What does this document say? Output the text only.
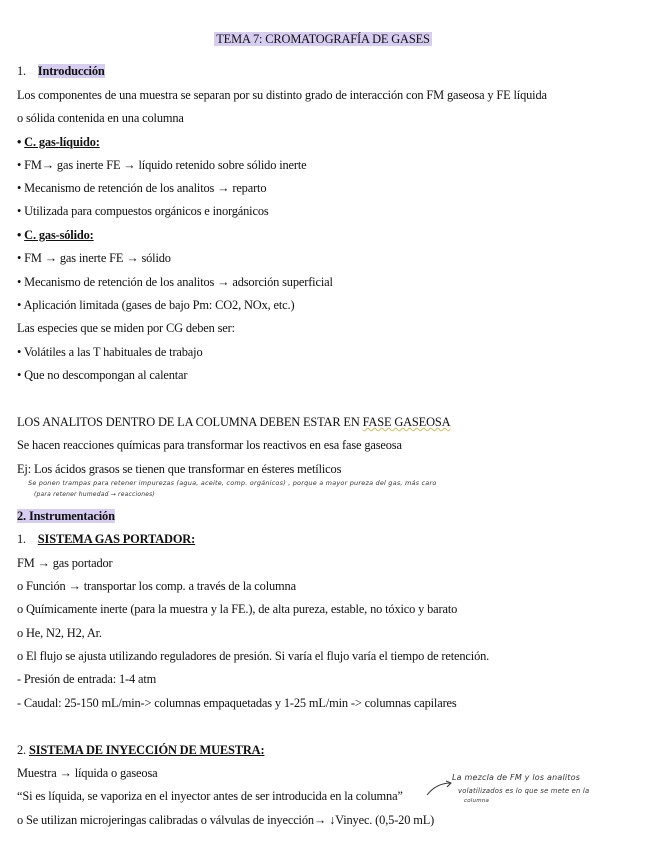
TEMA 7: CROMATOGRAFÍA DE GASES
1. Introducción
Los componentes de una muestra se separan por su distinto grado de interacción con FM gaseosa y FE líquida
o sólida contenida en una columna
• C. gas-líquido:
• FM→ gas inerte FE → líquido retenido sobre sólido inerte
• Mecanismo de retención de los analitos → reparto
• Utilizada para compuestos orgánicos e inorgánicos
• C. gas-sólido:
• FM → gas inerte FE → sólido
• Mecanismo de retención de los analitos → adsorción superficial
• Aplicación limitada (gases de bajo Pm: CO2, NOx, etc.)
Las especies que se miden por CG deben ser:
• Volátiles a las T habituales de trabajo
• Que no descompongan al calentar
LOS ANALITOS DENTRO DE LA COLUMNA DEBEN ESTAR EN FASE GASEOSA
Se hacen reacciones químicas para transformar los reactivos en esa fase gaseosa
Ej: Los ácidos grasos se tienen que transformar en ésteres metílicos
Se ponen trampas para retener impurezas (agua, aceite, comp. orgánicos) , porque a mayor pureza del gas, más caro
(para retener humedad → reacciones)
2. Instrumentación
1. SISTEMA GAS PORTADOR:
FM → gas portador
o Función → transportar los comp. a través de la columna
o Químicamente inerte (para la muestra y la FE.), de alta pureza, estable, no tóxico y barato
o He, N2, H2, Ar.
o El flujo se ajusta utilizando reguladores de presión. Si varía el flujo varía el tiempo de retención.
- Presión de entrada: 1-4 atm
- Caudal: 25-150 mL/min-> columnas empaquetadas y 1-25 mL/min -> columnas capilares
2. SISTEMA DE INYECCIÓN DE MUESTRA:
Muestra → líquida o gaseosa
“Si es líquida, se vaporiza en el inyector antes de ser introducida en la columna”
o Se utilizan microjeringas calibradas o válvulas de inyección→ ↓Vinyec. (0,5-20 mL)
La mezcla de FM y los analitos
volatilizados es lo que se mete en la
columna
